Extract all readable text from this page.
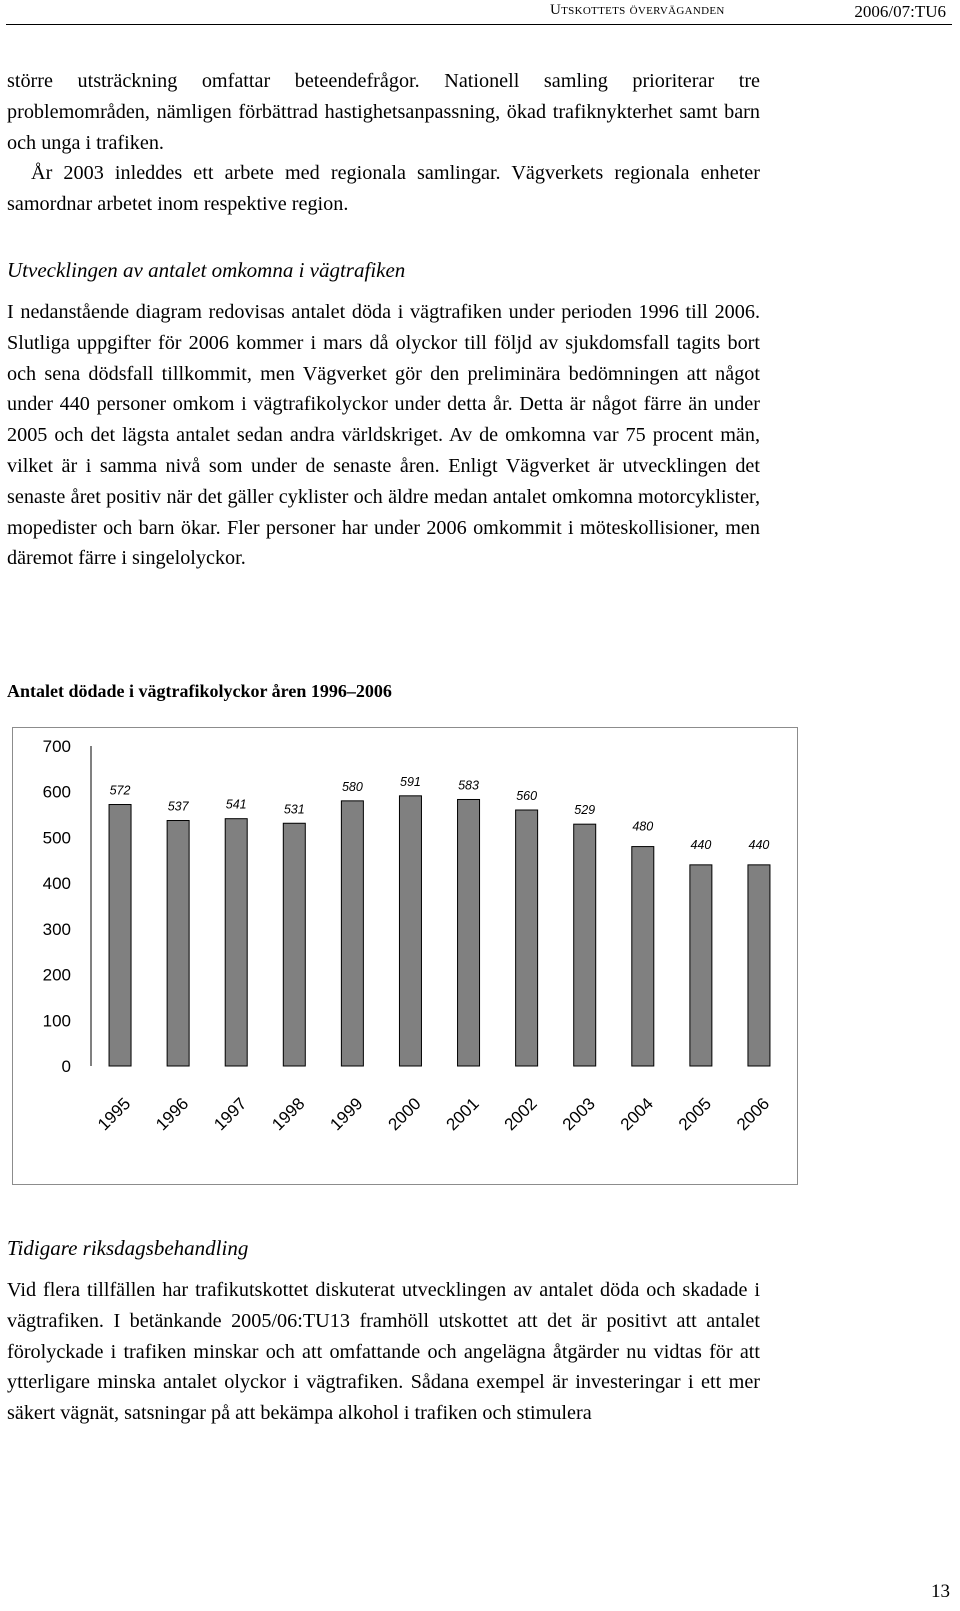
Utskottets överväganden	2006/07:TU6

större utsträckning omfattar beteendefrågor. Nationell samling prioriterar tre problemområden, nämligen förbättrad hastighetsanpassning, ökad trafiknykterhet samt barn och unga i trafiken.

År 2003 inleddes ett arbete med regionala samlingar. Vägverkets regionala enheter samordnar arbetet inom respektive region.

Utvecklingen av antalet omkomna i vägtrafiken

I nedanstående diagram redovisas antalet döda i vägtrafiken under perioden 1996 till 2006. Slutliga uppgifter för 2006 kommer i mars då olyckor till följd av sjukdomsfall tagits bort och sena dödsfall tillkommit, men Vägverket gör den preliminära bedömningen att något under 440 personer omkom i vägtrafikolyckor under detta år. Detta är något färre än under 2005 och det lägsta antalet sedan andra världskriget. Av de omkomna var 75 procent män, vilket är i samma nivå som under de senaste åren. Enligt Vägverket är utvecklingen det senaste året positiv när det gäller cyklister och äldre medan antalet omkomna motorcyklister, mopedister och barn ökar. Fler personer har under 2006 omkommit i möteskollisioner, men däremot färre i singelolyckor.

Antalet dödade i vägtrafikolyckor åren 1996–2006
0
100
200
300
400
500
600
700
572
1995
537
1996
541
1997
531
1998
580
1999
591
2000
583
2001
560
2002
529
2003
480
2004
440
2005
440
2006
Tidigare riksdagsbehandling

Vid flera tillfällen har trafikutskottet diskuterat utvecklingen av antalet döda och skadade i vägtrafiken. I betänkande 2005/06:TU13 framhöll utskottet att det är positivt att antalet förolyckade i trafiken minskar och att omfattande och angelägna åtgärder nu vidtas för att ytterligare minska antalet olyckor i vägtrafiken. Sådana exempel är investeringar i ett mer säkert vägnät, satsningar på att bekämpa alkohol i trafiken och stimulera

13
